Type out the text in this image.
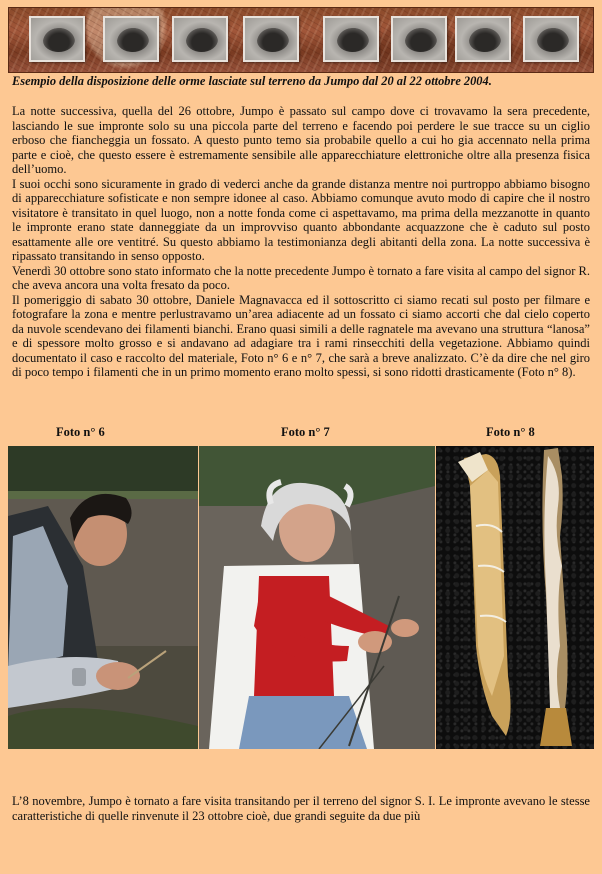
Esempio della disposizione delle orme lasciate sul terreno da Jumpo dal 20 al 22 ottobre 2004.

La notte successiva, quella del 26 ottobre, Jumpo è passato sul campo dove ci trovavamo la sera precedente, lasciando le sue impronte solo su una piccola parte del terreno e facendo poi perdere le sue tracce su un ciglio erboso che fiancheggia un fossato. A questo punto temo sia probabile quello a cui ho gia accennato nella prima parte e cioè, che questo essere è estremamente sensibile alle apparecchiature elettroniche oltre alla presenza fisica dell’uomo.

I suoi occhi sono sicuramente in grado di vederci anche da grande distanza mentre noi purtroppo abbiamo bisogno di apparecchiature sofisticate e non sempre idonee al caso. Abbiamo comunque avuto modo di capire che il nostro visitatore è transitato in quel luogo, non a notte fonda come ci aspettavamo, ma prima della mezzanotte in quanto le impronte erano state danneggiate da un improvviso quanto abbondante acquazzone che è caduto sul posto esattamente alle ore ventitré. Su questo abbiamo la testimonianza degli abitanti della zona. La notte successiva è ripassato transitando in senso opposto.

Venerdì 30 ottobre sono stato informato che la notte precedente Jumpo è tornato a fare visita al campo del signor R. che aveva ancora una volta fresato da poco.

Il pomeriggio di sabato 30 ottobre, Daniele Magnavacca ed il sottoscritto ci siamo recati sul posto per filmare e fotografare la zona e mentre perlustravamo un’area adiacente ad un fossato ci siamo accorti che dal cielo coperto da nuvole scendevano dei filamenti bianchi. Erano quasi simili a delle ragnatele ma avevano una struttura “lanosa” e di spessore molto grosso e si andavano ad adagiare tra i rami rinsecchiti della vegetazione. Abbiamo quindi documentato il caso e raccolto del materiale, Foto n° 6 e n° 7, che sarà a breve analizzato. C’è da dire che nel giro di poco tempo i filamenti che in un primo momento erano molto spessi, si sono ridotti drasticamente (Foto n° 8).

Foto n° 6	Foto n° 7	Foto n° 8
L’8 novembre, Jumpo è tornato a fare visita transitando per il terreno del signor S. I. Le impronte avevano le stesse caratteristiche di quelle rinvenute il 23 ottobre cioè, due grandi seguite da due più
